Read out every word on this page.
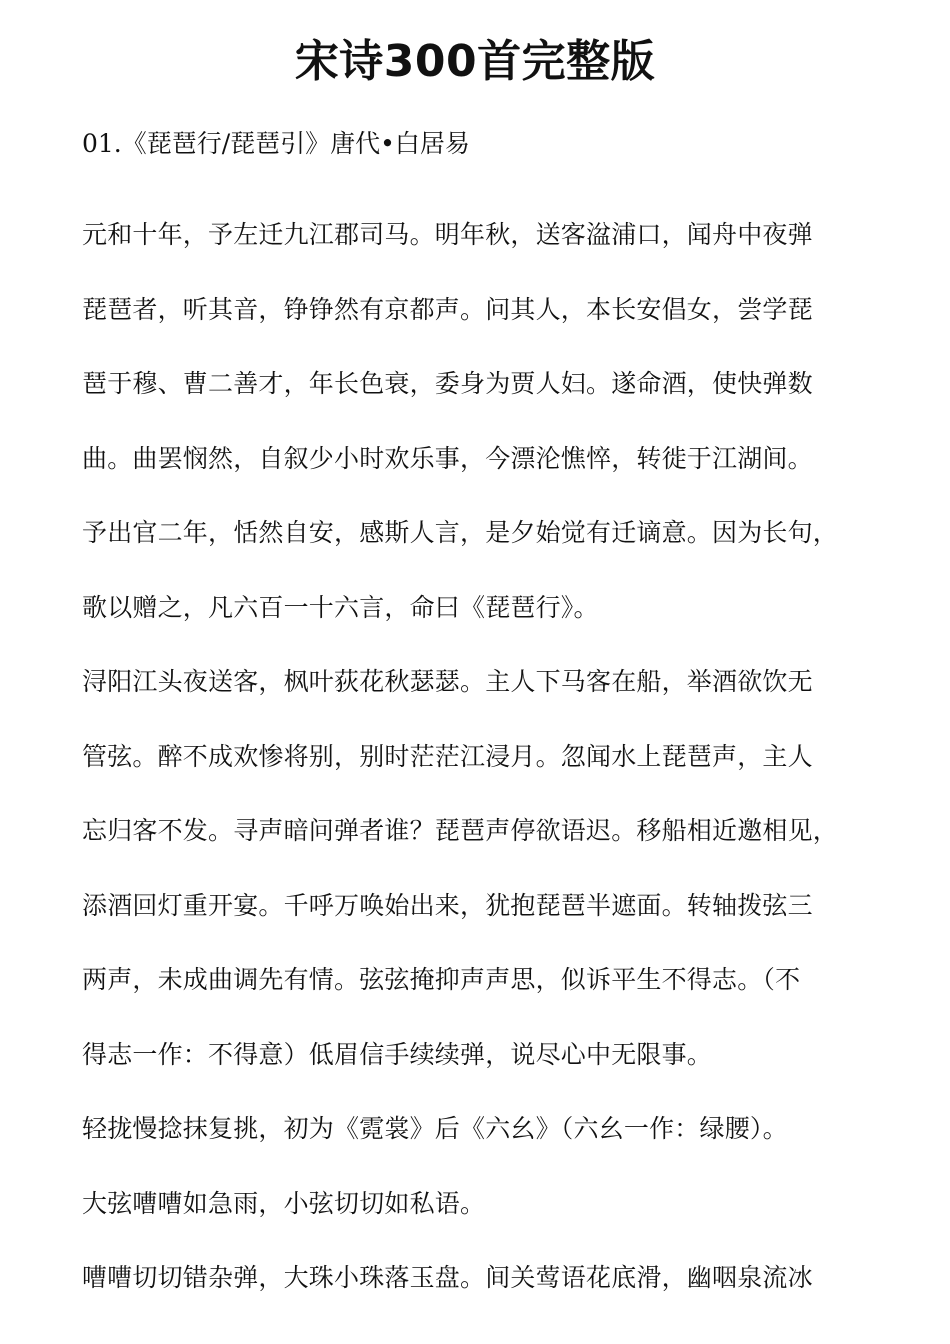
宋诗300首完整版
01.《琵琶行/琵琶引》唐代•白居易
元和十年，予左迁九江郡司马。明年秋，送客湓浦口，闻舟中夜弹
琵琶者，听其音，铮铮然有京都声。问其人，本长安倡女，尝学琵
琶于穆、曹二善才，年长色衰，委身为贾人妇。遂命酒，使快弹数
曲。曲罢悯然，自叙少小时欢乐事，今漂沦憔悴，转徙于江湖间。
予出官二年，恬然自安，感斯人言，是夕始觉有迁谪意。因为长句，
歌以赠之，凡六百一十六言，命曰《琵琶行》。
浔阳江头夜送客，枫叶荻花秋瑟瑟。主人下马客在船，举酒欲饮无
管弦。醉不成欢惨将别，别时茫茫江浸月。忽闻水上琵琶声，主人
忘归客不发。寻声暗问弹者谁？琵琶声停欲语迟。移船相近邀相见，
添酒回灯重开宴。千呼万唤始出来，犹抱琵琶半遮面。转轴拨弦三
两声，未成曲调先有情。弦弦掩抑声声思，似诉平生不得志。（不
得志一作：不得意）低眉信手续续弹，说尽心中无限事。
轻拢慢捻抹复挑，初为《霓裳》后《六幺》（六幺一作：绿腰）。
大弦嘈嘈如急雨，小弦切切如私语。
嘈嘈切切错杂弹，大珠小珠落玉盘。间关莺语花底滑，幽咽泉流冰
